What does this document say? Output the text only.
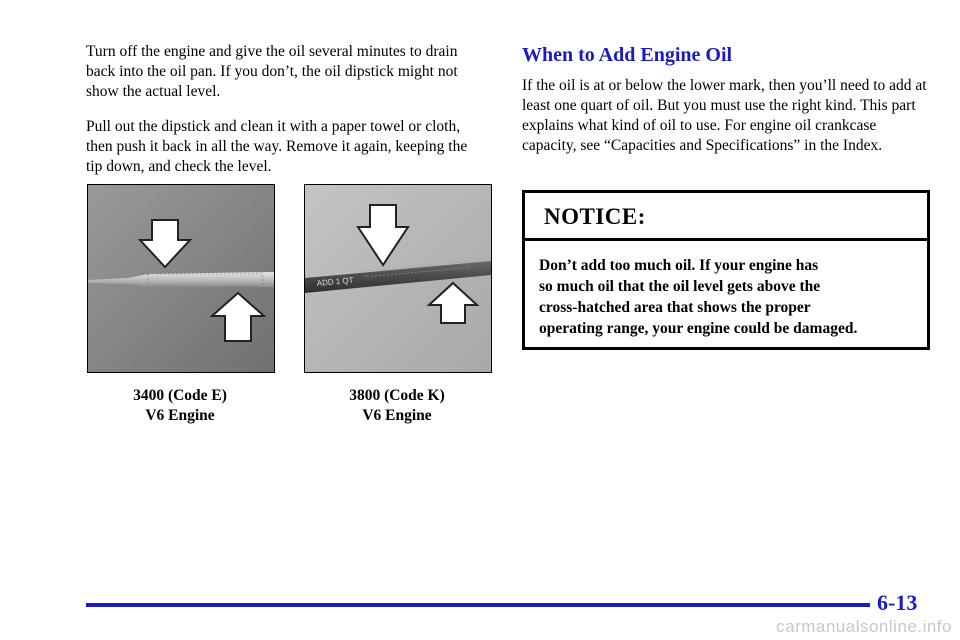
Turn off the engine and give the oil several minutes to drain back into the oil pan. If you don’t, the oil dipstick might not show the actual level.

Pull out the dipstick and clean it with a paper towel or cloth, then push it back in all the way. Remove it again, keeping the tip down, and check the level.

ADD 1 QT
3400 (Code E)
V6 Engine
3800 (Code K)
V6 Engine
When to Add Engine Oil

If the oil is at or below the lower mark, then you’ll need to add at least one quart of oil. But you must use the right kind. This part explains what kind of oil to use. For engine oil crankcase capacity, see “Capacities and Specifications” in the Index.

NOTICE:
Don’t add too much oil. If your engine has
so much oil that the oil level gets above the
cross-hatched area that shows the proper
operating range, your engine could be damaged.
6-13
carmanualsonline.info
